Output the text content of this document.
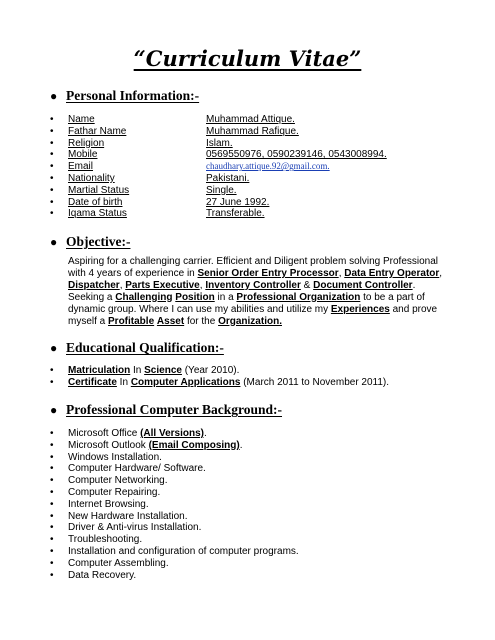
“Curriculum Vitae”
● Personal Information:-
•	Name	Muhammad Attique.
•	Fathar Name	Muhammad Rafique.
•	Religion	Islam.
•	Mobile	0569550976, 0590239146, 0543008994.
•	Email	chaudhary.attique.92@gmail.com.
•	Nationality	Pakistani.
•	Martial Status	Single.
•	Date of birth	27 June 1992.
•	Iqama Status	Transferable.
● Objective:-

Aspiring for a challenging carrier. Efficient and Diligent problem solving Professional with 4 years of experience in Senior Order Entry Processor, Data Entry Operator, Dispatcher, Parts Executive, Inventory Controller & Document Controller. Seeking a Challenging Position in a Professional Organization to be a part of dynamic group. Where I can use my abilities and utilize my Experiences and prove myself a Profitable Asset for the Organization.

● Educational Qualification:-
•	Matriculation In Science (Year 2010).
•	Certificate In Computer Applications (March 2011 to November 2011).
● Professional Computer Background:-
•	Microsoft Office (All Versions).
•	Microsoft Outlook (Email Composing).
•	Windows Installation.
•	Computer Hardware/ Software.
•	Computer Networking.
•	Computer Repairing.
•	Internet Browsing.
•	New Hardware Installation.
•	Driver & Anti-virus Installation.
•	Troubleshooting.
•	Installation and configuration of computer programs.
•	Computer Assembling.
•	Data Recovery.
